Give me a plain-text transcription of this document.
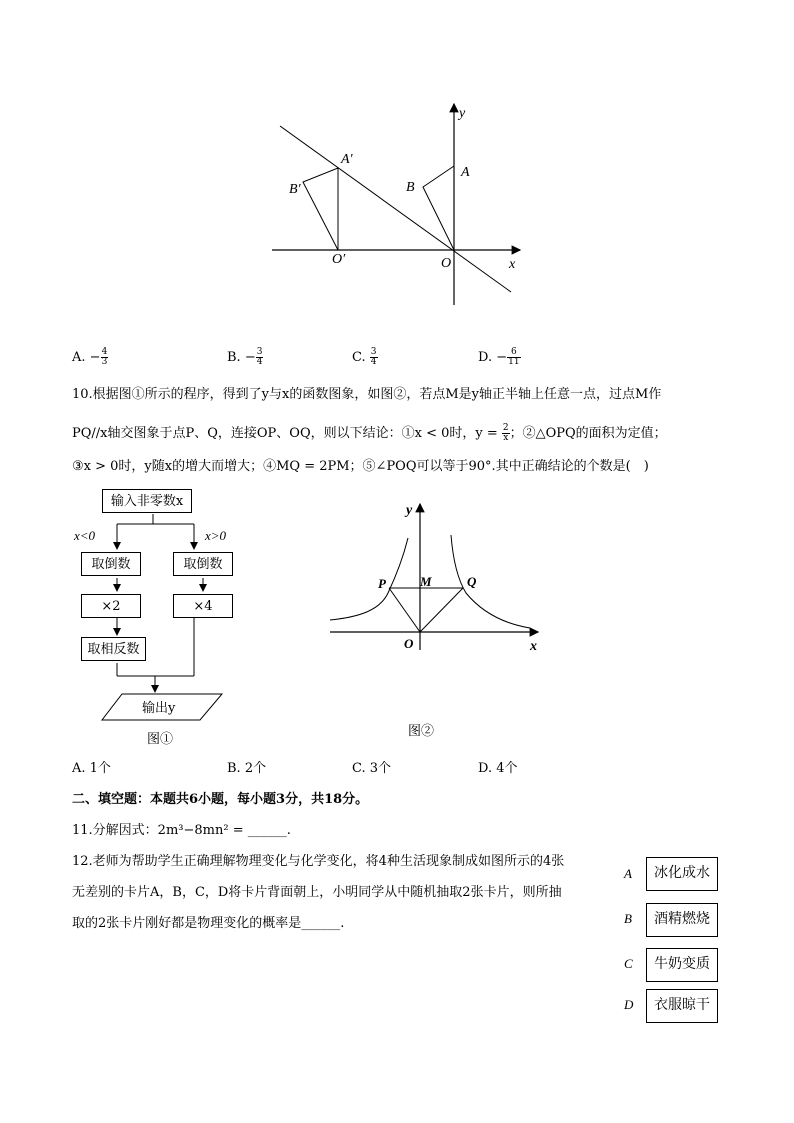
y
x
O
O′
A
A′
B
B′
A. − $\frac{4}{3}$	B. − $\frac{3}{4}$	C. $\frac{3}{4}$	D. − $\frac{6}{11}$
10.根据图①所示的程序，得到了y与x的函数图象，如图②，若点M是y轴正半轴上任意一点，过点M作
PQ//x轴交图象于点P、Q，连接OP、OQ，则以下结论：①x < 0时，$y = \frac{2}{x}$ ；②△OPQ的面积为定值；
③x > 0时，y随x的增大而增大；④MQ = 2PM；⑤∠POQ可以等于90°.其中正确结论的个数是(　)
输入非零数x
x<0	x>0
取倒数	取倒数
×2	×4
取相反数
输出y
图①
y
x
O
P	M	Q
图②
A. 1个	B. 2个	C. 3个	D. 4个
二、填空题：本题共6小题，每小题3分，共18分。
11.分解因式：2m³−8mn² = ______.
12.老师为帮助学生正确理解物理变化与化学变化，将4种生活现象制成如图所示的4张
无差别的卡片A，B，C，D将卡片背面朝上，小明同学从中随机抽取2张卡片，则所抽
取的2张卡片刚好都是物理变化的概率是______.
A	冰化成水
B	酒精燃烧
C	牛奶变质
D	衣服晾干
